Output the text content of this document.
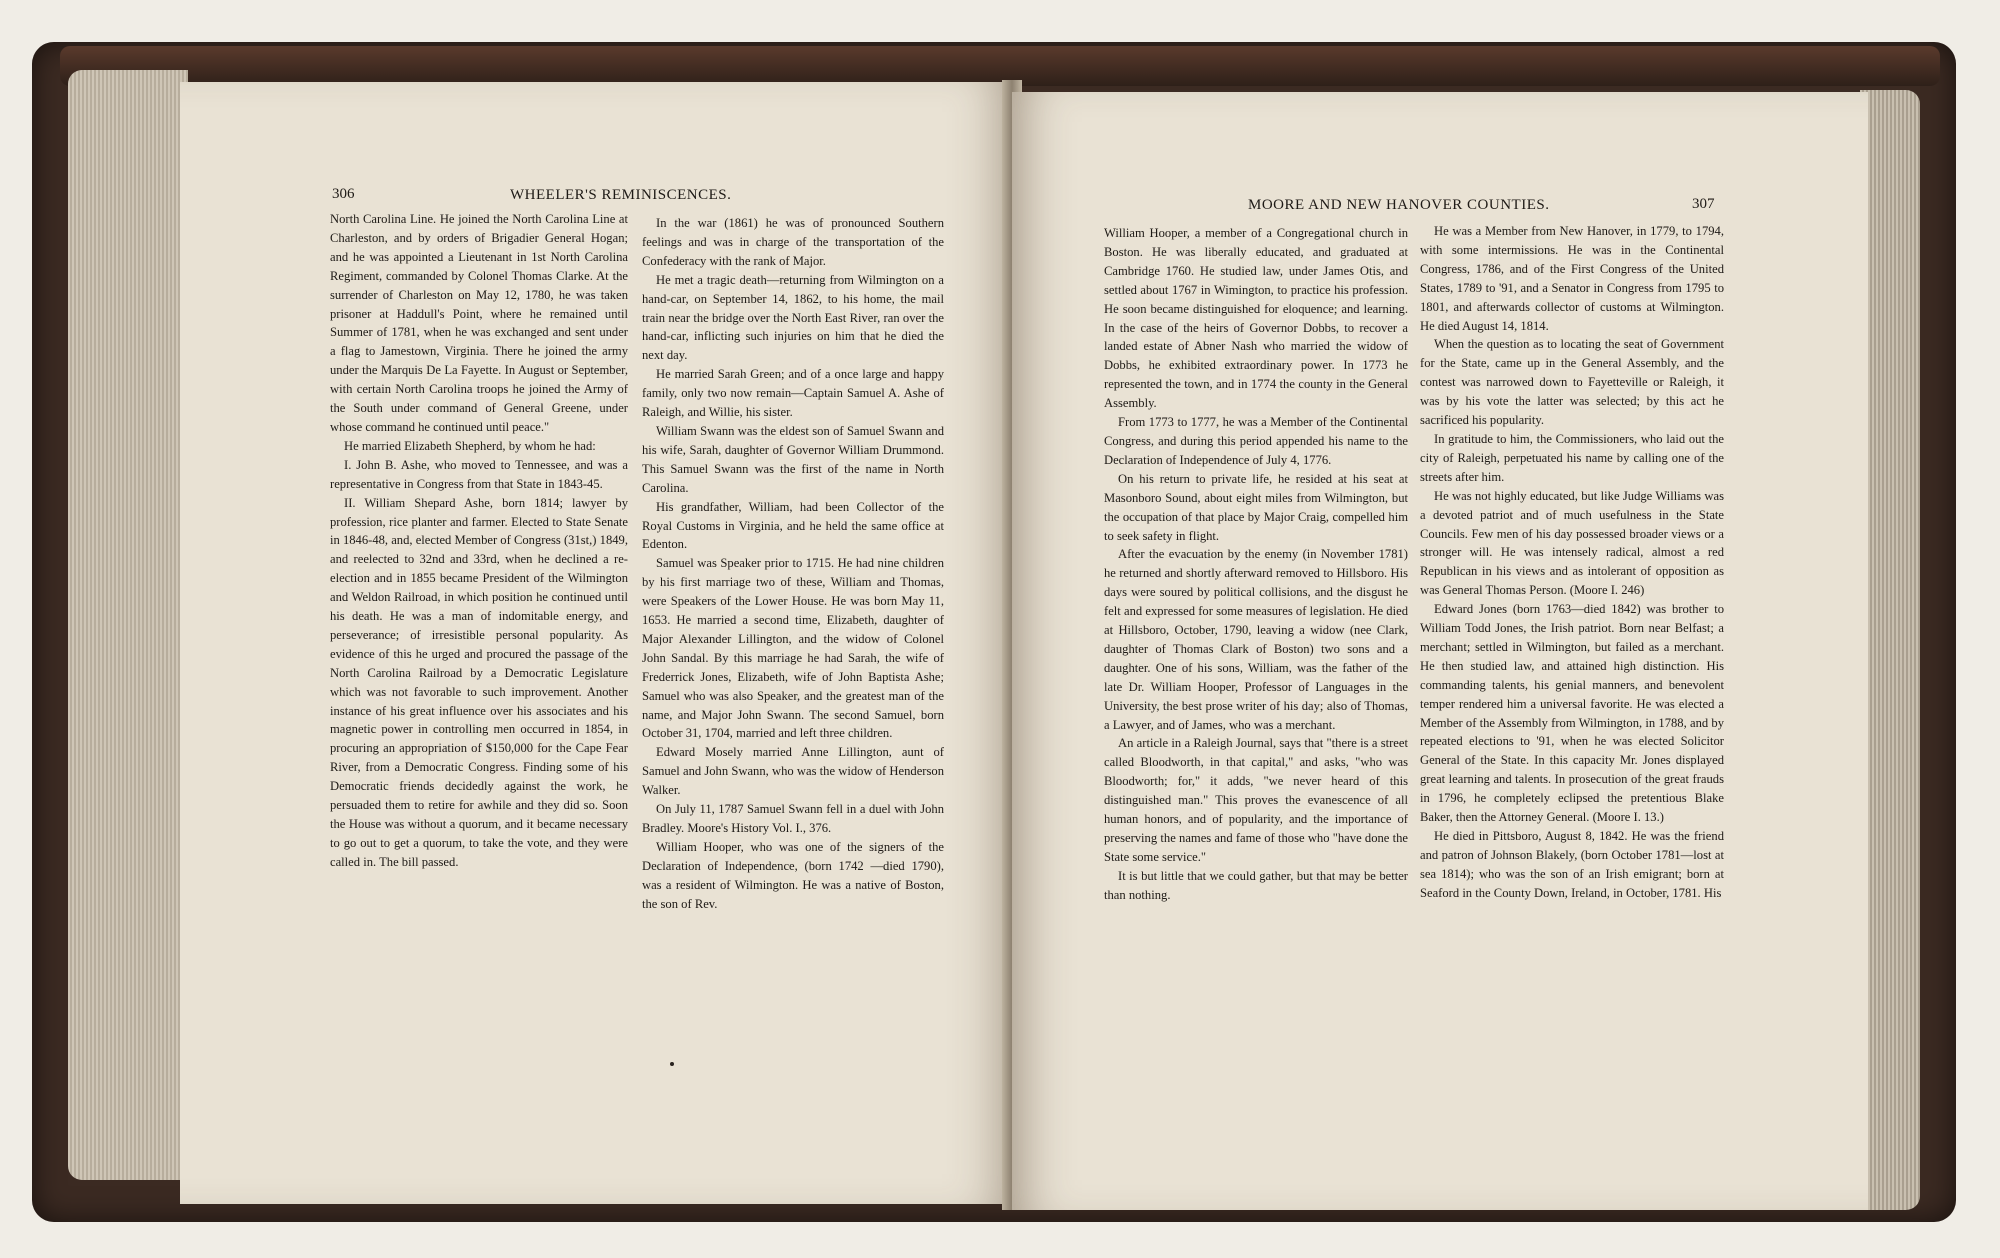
306	WHEELER'S REMINISCENCES.

North Carolina Line. He joined the North Carolina Line at Charleston, and by orders of Brigadier General Hogan; and he was appointed a Lieutenant in 1st North Carolina Regiment, commanded by Colonel Thomas Clarke. At the surrender of Charleston on May 12, 1780, he was taken prisoner at Haddull's Point, where he remained until Summer of 1781, when he was exchanged and sent under a flag to Jamestown, Virginia. There he joined the army under the Marquis De La Fayette. In August or September, with certain North Carolina troops he joined the Army of the South under command of General Greene, under whose command he continued until peace."

He married Elizabeth Shepherd, by whom he had:

I. John B. Ashe, who moved to Tennessee, and was a representative in Congress from that State in 1843-45.

II. William Shepard Ashe, born 1814; lawyer by profession, rice planter and farmer. Elected to State Senate in 1846-48, and, elected Member of Congress (31st,) 1849, and reelected to 32nd and 33rd, when he declined a re-election and in 1855 became President of the Wilmington and Weldon Railroad, in which position he continued until his death. He was a man of indomitable energy, and perseverance; of irresistible personal popularity. As evidence of this he urged and procured the passage of the North Carolina Railroad by a Democratic Legislature which was not favorable to such improvement. Another instance of his great influence over his associates and his magnetic power in controlling men occurred in 1854, in procuring an appropriation of $150,000 for the Cape Fear River, from a Democratic Congress. Finding some of his Democratic friends decidedly against the work, he persuaded them to retire for awhile and they did so. Soon the House was without a quorum, and it became necessary to go out to get a quorum, to take the vote, and they were called in. The bill passed.

In the war (1861) he was of pronounced Southern feelings and was in charge of the transportation of the Confederacy with the rank of Major.

He met a tragic death—returning from Wilmington on a hand-car, on September 14, 1862, to his home, the mail train near the bridge over the North East River, ran over the hand-car, inflicting such injuries on him that he died the next day.

He married Sarah Green; and of a once large and happy family, only two now remain—Captain Samuel A. Ashe of Raleigh, and Willie, his sister.

William Swann was the eldest son of Samuel Swann and his wife, Sarah, daughter of Governor William Drummond. This Samuel Swann was the first of the name in North Carolina.

His grandfather, William, had been Collector of the Royal Customs in Virginia, and he held the same office at Edenton.

Samuel was Speaker prior to 1715. He had nine children by his first marriage two of these, William and Thomas, were Speakers of the Lower House. He was born May 11, 1653. He married a second time, Elizabeth, daughter of Major Alexander Lillington, and the widow of Colonel John Sandal. By this marriage he had Sarah, the wife of Frederrick Jones, Elizabeth, wife of John Baptista Ashe; Samuel who was also Speaker, and the greatest man of the name, and Major John Swann. The second Samuel, born October 31, 1704, married and left three children.

Edward Mosely married Anne Lillington, aunt of Samuel and John Swann, who was the widow of Henderson Walker.

On July 11, 1787 Samuel Swann fell in a duel with John Bradley. Moore's History Vol. I., 376.

William Hooper, who was one of the signers of the Declaration of Independence, (born 1742 —died 1790), was a resident of Wilmington. He was a native of Boston, the son of Rev.

MOORE AND NEW HANOVER COUNTIES.	307

William Hooper, a member of a Congregational church in Boston. He was liberally educated, and graduated at Cambridge 1760. He studied law, under James Otis, and settled about 1767 in Wimington, to practice his profession. He soon became distinguished for eloquence; and learning. In the case of the heirs of Governor Dobbs, to recover a landed estate of Abner Nash who married the widow of Dobbs, he exhibited extraordinary power. In 1773 he represented the town, and in 1774 the county in the General Assembly.

From 1773 to 1777, he was a Member of the Continental Congress, and during this period appended his name to the Declaration of Independence of July 4, 1776.

On his return to private life, he resided at his seat at Masonboro Sound, about eight miles from Wilmington, but the occupation of that place by Major Craig, compelled him to seek safety in flight.

After the evacuation by the enemy (in November 1781) he returned and shortly afterward removed to Hillsboro. His days were soured by political collisions, and the disgust he felt and expressed for some measures of legislation. He died at Hillsboro, October, 1790, leaving a widow (nee Clark, daughter of Thomas Clark of Boston) two sons and a daughter. One of his sons, William, was the father of the late Dr. William Hooper, Professor of Languages in the University, the best prose writer of his day; also of Thomas, a Lawyer, and of James, who was a merchant.

An article in a Raleigh Journal, says that "there is a street called Bloodworth, in that capital," and asks, "who was Bloodworth; for," it adds, "we never heard of this distinguished man." This proves the evanescence of all human honors, and of popularity, and the importance of preserving the names and fame of those who "have done the State some service."

It is but little that we could gather, but that may be better than nothing.

He was a Member from New Hanover, in 1779, to 1794, with some intermissions. He was in the Continental Congress, 1786, and of the First Congress of the United States, 1789 to '91, and a Senator in Congress from 1795 to 1801, and afterwards collector of customs at Wilmington. He died August 14, 1814.

When the question as to locating the seat of Government for the State, came up in the General Assembly, and the contest was narrowed down to Fayetteville or Raleigh, it was by his vote the latter was selected; by this act he sacrificed his popularity.

In gratitude to him, the Commissioners, who laid out the city of Raleigh, perpetuated his name by calling one of the streets after him.

He was not highly educated, but like Judge Williams was a devoted patriot and of much usefulness in the State Councils. Few men of his day possessed broader views or a stronger will. He was intensely radical, almost a red Republican in his views and as intolerant of opposition as was General Thomas Person. (Moore I. 246)

Edward Jones (born 1763—died 1842) was brother to William Todd Jones, the Irish patriot. Born near Belfast; a merchant; settled in Wilmington, but failed as a merchant. He then studied law, and attained high distinction. His commanding talents, his genial manners, and benevolent temper rendered him a universal favorite. He was elected a Member of the Assembly from Wilmington, in 1788, and by repeated elections to '91, when he was elected Solicitor General of the State. In this capacity Mr. Jones displayed great learning and talents. In prosecution of the great frauds in 1796, he completely eclipsed the pretentious Blake Baker, then the Attorney General. (Moore I. 13.)

He died in Pittsboro, August 8, 1842. He was the friend and patron of Johnson Blakely, (born October 1781—lost at sea 1814); who was the son of an Irish emigrant; born at Seaford in the County Down, Ireland, in October, 1781. His
